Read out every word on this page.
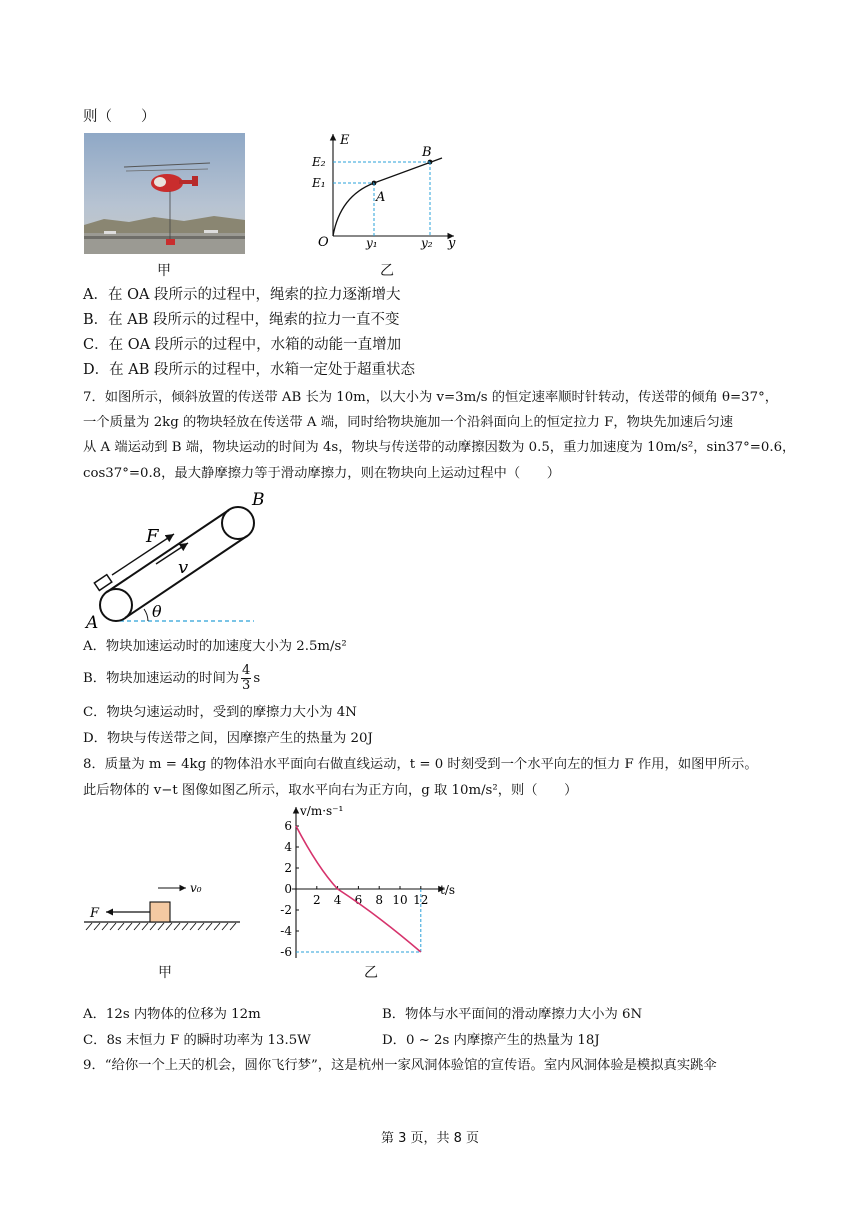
则（　　）
甲
E
y
E₂
E₁
O	y₁	y₂
A
B
乙
A．在 OA 段所示的过程中，绳索的拉力逐渐增大
B．在 AB 段所示的过程中，绳索的拉力一直不变
C．在 OA 段所示的过程中，水箱的动能一直增加
D．在 AB 段所示的过程中，水箱一定处于超重状态
7．如图所示，倾斜放置的传送带 AB 长为 10m，以大小为 v=3m/s 的恒定速率顺时针转动，传送带的倾角 θ=37°，
一个质量为 2kg 的物块轻放在传送带 A 端，同时给物块施加一个沿斜面向上的恒定拉力 F，物块先加速后匀速
从 A 端运动到 B 端，物块运动的时间为 4s，物块与传送带的动摩擦因数为 0.5，重力加速度为 10m/s²，sin37°=0.6，
cos37°=0.8，最大静摩擦力等于滑动摩擦力，则在物块向上运动过程中（　　）
A
B
F
v
θ
A．物块加速运动时的加速度大小为 2.5m/s²
B．物块加速运动的时间为 $\frac{4}{3}$ s
C．物块匀速运动时，受到的摩擦力大小为 4N
D．物块与传送带之间，因摩擦产生的热量为 20J
8．质量为 m = 4kg 的物体沿水平面向右做直线运动，t = 0 时刻受到一个水平向左的恒力 F 作用，如图甲所示。
此后物体的 v−t 图像如图乙所示，取水平向右为正方向，g 取 10m/s²，则（　　）
F
v₀
甲
v/m·s⁻¹
t/s
6
4
2
0
-2
-4
-6
2 4 6 8 10 12
乙
A．12s 内物体的位移为 12m	B．物体与水平面间的滑动摩擦力大小为 6N
C．8s 末恒力 F 的瞬时功率为 13.5W	D．0 ~ 2s 内摩擦产生的热量为 18J
9．“给你一个上天的机会，圆你飞行梦”，这是杭州一家风洞体验馆的宣传语。室内风洞体验是模拟真实跳伞
第 3 页，共 8 页
